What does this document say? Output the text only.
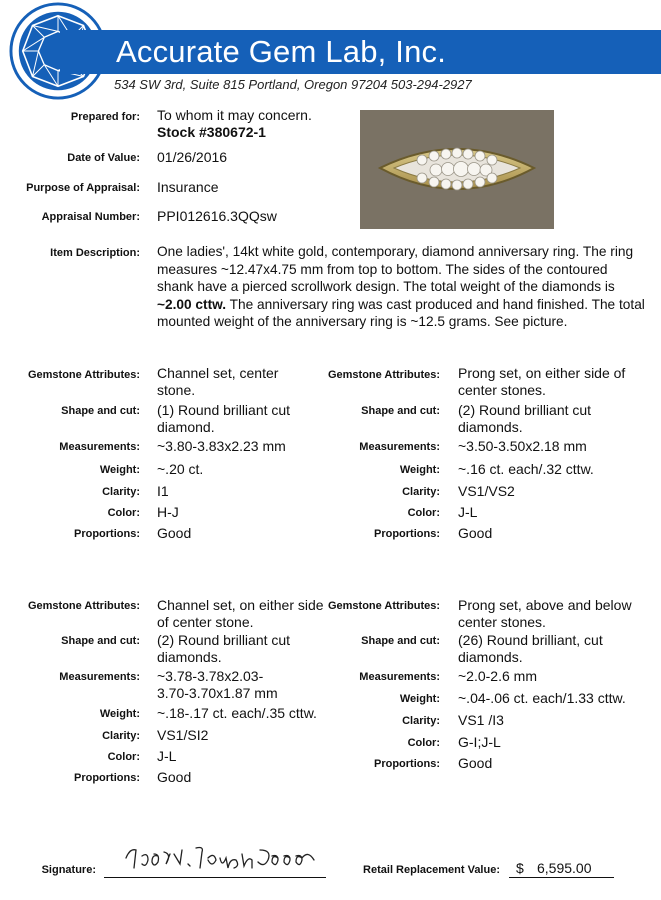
Accurate Gem Lab, Inc.
534 SW 3rd, Suite 815 Portland, Oregon 97204 503-294-2927
Prepared for: To whom it may concern.
Stock #380672-1
Date of Value: 01/26/2016
Purpose of Appraisal: Insurance
Appraisal Number: PPI012616.3QQsw
Item Description: One ladies', 14kt white gold, contemporary, diamond anniversary ring. The ring measures ~12.47x4.75 mm from top to bottom. The sides of the contoured shank have a pierced scrollwork design. The total weight of the diamonds is ~2.00 cttw. The anniversary ring was cast produced and hand finished. The total mounted weight of the anniversary ring is ~12.5 grams. See picture.
Gemstone Attributes: Channel set, center
stone.
Shape and cut: (1) Round brilliant cut
diamond.
Measurements: ~3.80-3.83x2.23 mm
Weight: ~.20 ct.
Clarity: I1
Color: H-J
Proportions: Good
Gemstone Attributes: Prong set, on either side of
center stones.
Shape and cut: (2) Round brilliant cut
diamonds.
Measurements: ~3.50-3.50x2.18 mm
Weight: ~.16 ct. each/.32 cttw.
Clarity: VS1/VS2
Color: J-L
Proportions: Good
Gemstone Attributes: Channel set, on either side
of center stone.
Shape and cut: (2) Round brilliant cut
diamonds.
Measurements: ~3.78-3.78x2.03-
3.70-3.70x1.87 mm
Weight: ~.18-.17 ct. each/.35 cttw.
Clarity: VS1/SI2
Color: J-L
Proportions: Good
Gemstone Attributes: Prong set, above and below
center stones.
Shape and cut: (26) Round brilliant, cut
diamonds.
Measurements: ~2.0-2.6 mm
Weight: ~.04-.06 ct. each/1.33 cttw.
Clarity: VS1 /I3
Color: G-I;J-L
Proportions: Good
Signature:	Retail Replacement Value: $ 6,595.00
